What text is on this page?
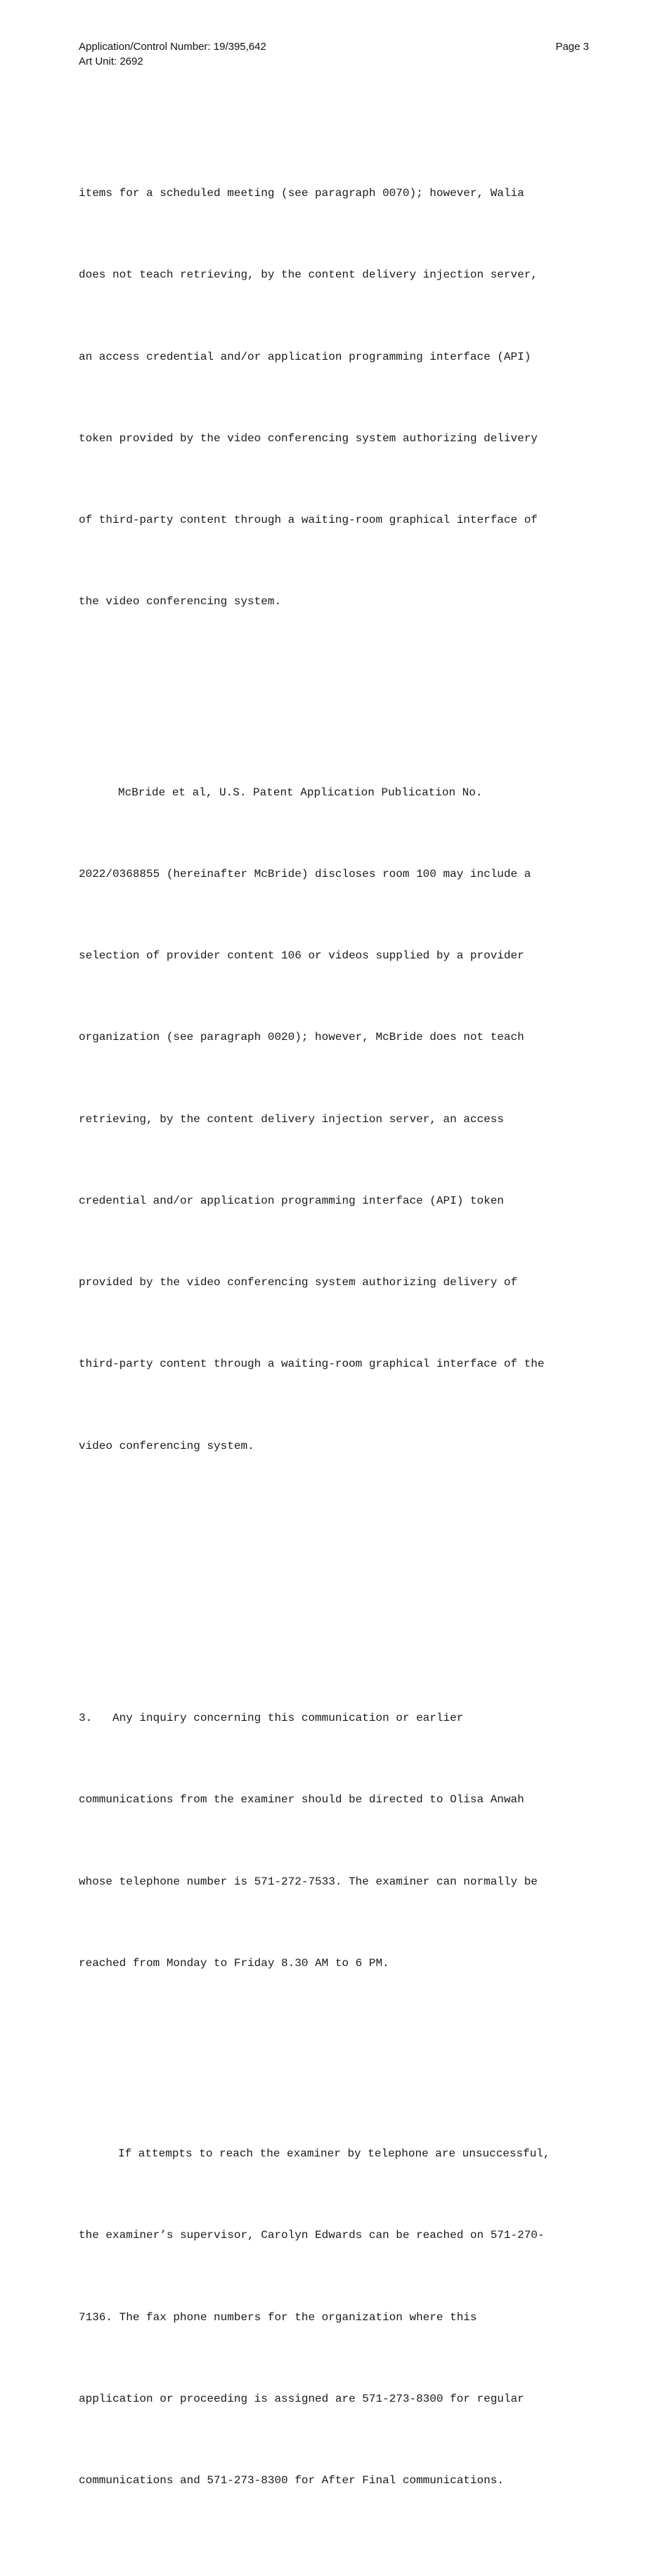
Application/Control Number: 19/395,642	Page 3
Art Unit: 2692

items for a scheduled meeting (see paragraph 0070); however, Walia

does not teach retrieving, by the content delivery injection server,

an access credential and/or application programming interface (API)

token provided by the video conferencing system authorizing delivery

of third-party content through a waiting-room graphical interface of

the video conferencing system.

McBride et al, U.S. Patent Application Publication No.

2022/0368855 (hereinafter McBride) discloses room 100 may include a

selection of provider content 106 or videos supplied by a provider

organization (see paragraph 0020); however, McBride does not teach

retrieving, by the content delivery injection server, an access

credential and/or application programming interface (API) token

provided by the video conferencing system authorizing delivery of

third-party content through a waiting-room graphical interface of the

video conferencing system.

3.   Any inquiry concerning this communication or earlier

communications from the examiner should be directed to Olisa Anwah

whose telephone number is 571-272-7533. The examiner can normally be

reached from Monday to Friday 8.30 AM to 6 PM.

If attempts to reach the examiner by telephone are unsuccessful,

the examiner’s supervisor, Carolyn Edwards can be reached on 571-270-

7136. The fax phone numbers for the organization where this

application or proceeding is assigned are 571-273-8300 for regular

communications and 571-273-8300 for After Final communications.
